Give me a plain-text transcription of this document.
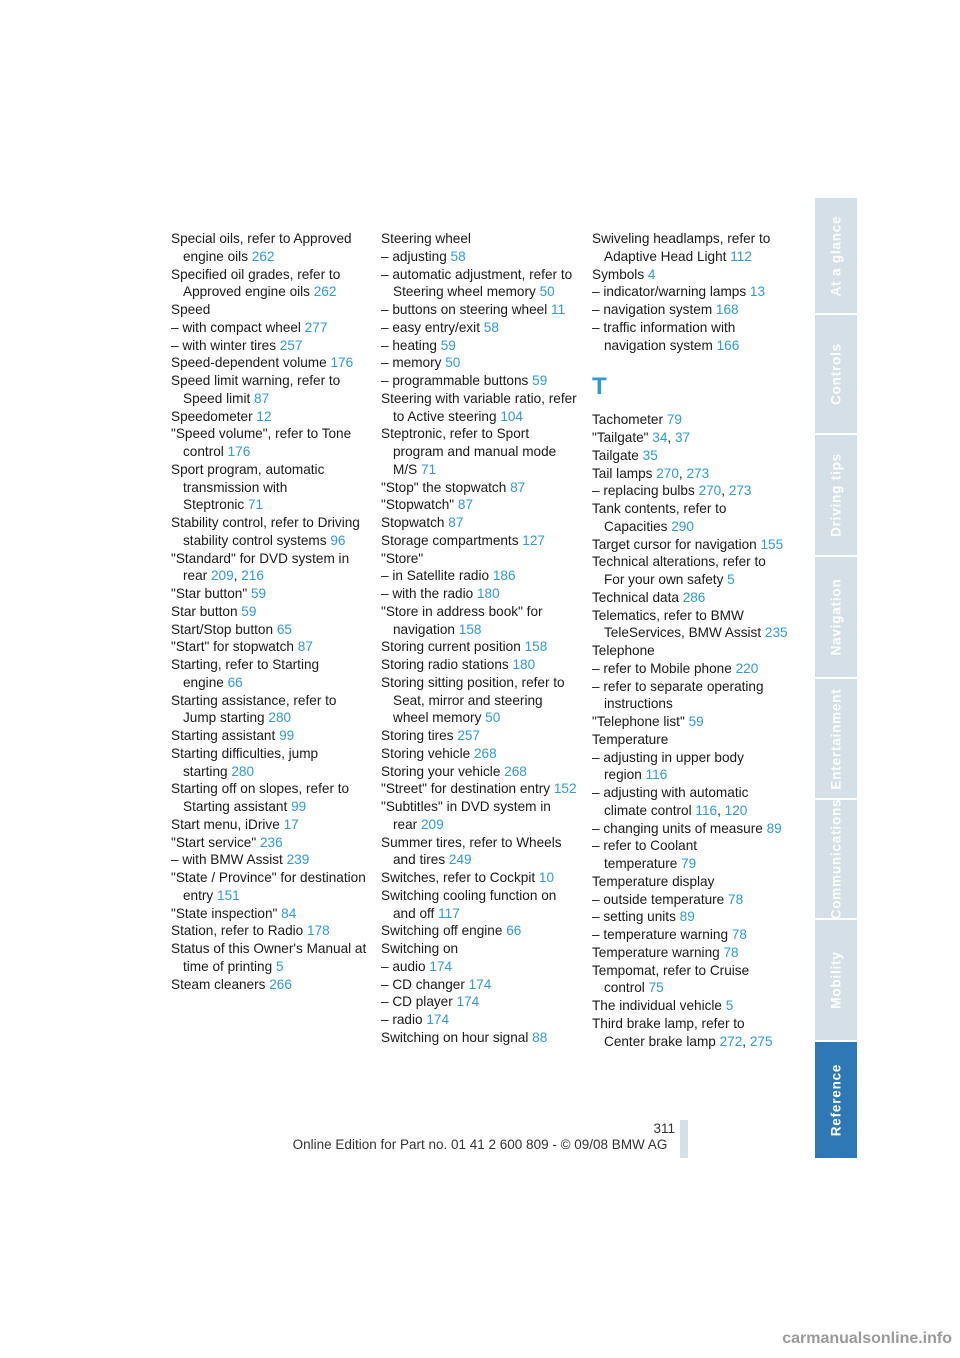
Special oils, refer to Approved engine oils 262

Specified oil grades, refer to Approved engine oils 262

Speed

– with compact wheel 277

– with winter tires 257

Speed-dependent volume 176

Speed limit warning, refer to Speed limit 87

Speedometer 12

"Speed volume", refer to Tone control 176

Sport program, automatic transmission with Steptronic 71

Stability control, refer to Driving stability control systems 96

"Standard" for DVD system in rear 209, 216

"Star button" 59

Star button 59

Start/Stop button 65

"Start" for stopwatch 87

Starting, refer to Starting engine 66

Starting assistance, refer to Jump starting 280

Starting assistant 99

Starting difficulties, jump starting 280

Starting off on slopes, refer to Starting assistant 99

Start menu, iDrive 17

"Start service" 236

– with BMW Assist 239

"State / Province" for destination entry 151

"State inspection" 84

Station, refer to Radio 178

Status of this Owner's Manual at time of printing 5

Steam cleaners 266

Steering wheel

– adjusting 58

– automatic adjustment, refer to Steering wheel memory 50

– buttons on steering wheel 11

– easy entry/exit 58

– heating 59

– memory 50

– programmable buttons 59

Steering with variable ratio, refer to Active steering 104

Steptronic, refer to Sport program and manual mode M/S 71

"Stop" the stopwatch 87

"Stopwatch" 87

Stopwatch 87

Storage compartments 127

"Store"

– in Satellite radio 186

– with the radio 180

"Store in address book" for navigation 158

Storing current position 158

Storing radio stations 180

Storing sitting position, refer to Seat, mirror and steering wheel memory 50

Storing tires 257

Storing vehicle 268

Storing your vehicle 268

"Street" for destination entry 152

"Subtitles" in DVD system in rear 209

Summer tires, refer to Wheels and tires 249

Switches, refer to Cockpit 10

Switching cooling function on and off 117

Switching off engine 66

Switching on

– audio 174

– CD changer 174

– CD player 174

– radio 174

Switching on hour signal 88

Swiveling headlamps, refer to Adaptive Head Light 112

Symbols 4

– indicator/warning lamps 13

– navigation system 168

– traffic information with navigation system 166

T

Tachometer 79

"Tailgate" 34, 37

Tailgate 35

Tail lamps 270, 273

– replacing bulbs 270, 273

Tank contents, refer to Capacities 290

Target cursor for navigation 155

Technical alterations, refer to For your own safety 5

Technical data 286

Telematics, refer to BMW TeleServices, BMW Assist 235

Telephone

– refer to Mobile phone 220

– refer to separate operating instructions

"Telephone list" 59

Temperature

– adjusting in upper body region 116

– adjusting with automatic climate control 116, 120

– changing units of measure 89

– refer to Coolant temperature 79

Temperature display

– outside temperature 78

– setting units 89

– temperature warning 78

Temperature warning 78

Tempomat, refer to Cruise control 75

The individual vehicle 5

Third brake lamp, refer to Center brake lamp 272, 275

At a glance
Controls
Driving tips
Navigation
Entertainment
Communications
Mobility
Reference
311
Online Edition for Part no. 01 41 2 600 809 - © 09/08 BMW AG
carmanualsonline.info
